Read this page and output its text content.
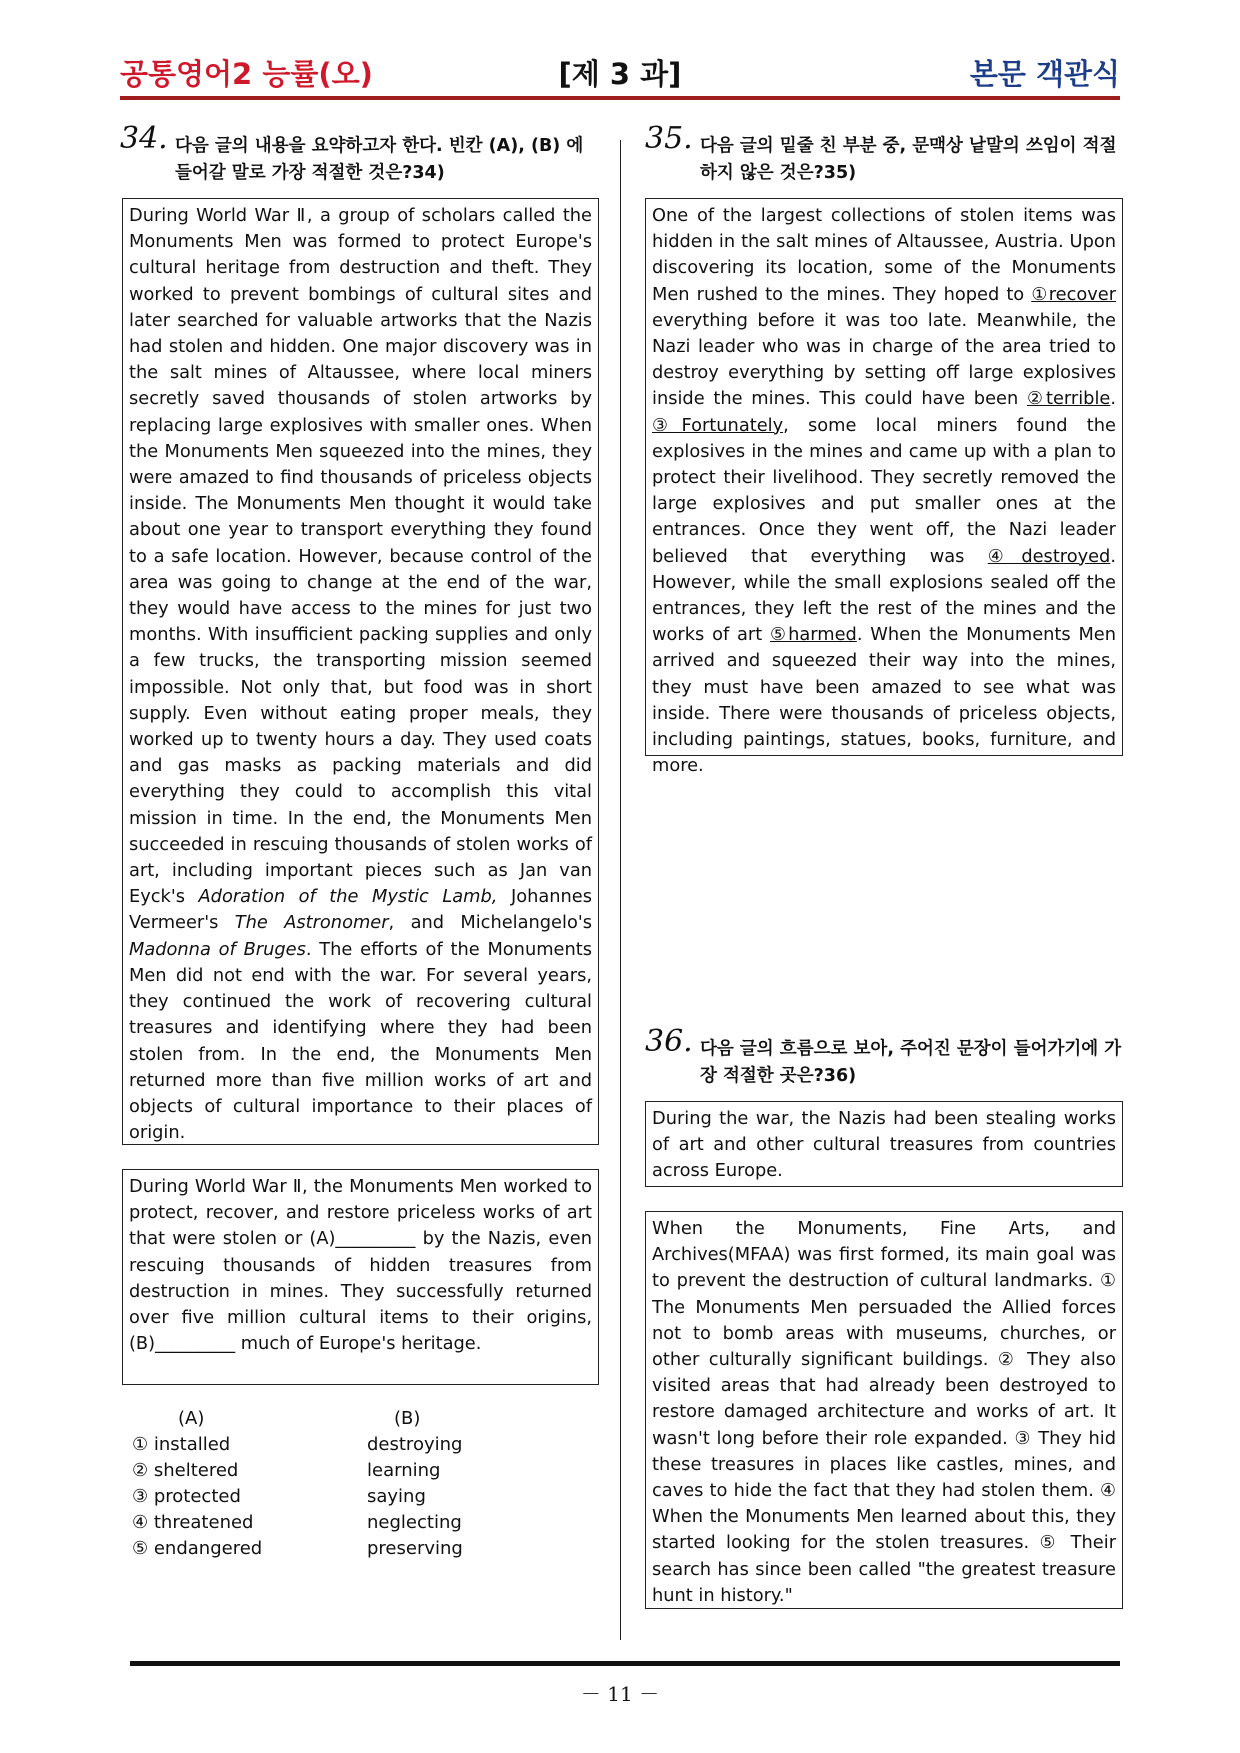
공통영어2 능률(오)	[제 3 과]	본문 객관식
34. 다음 글의 내용을 요약하고자 한다. 빈칸 (A), (B) 에 들어갈 말로 가장 적절한 것은?34)

During World War Ⅱ, a group of scholars called the Monuments Men was formed to protect Europe's cultural heritage from destruction and theft. They worked to prevent bombings of cultural sites and later searched for valuable artworks that the Nazis had stolen and hidden. One major discovery was in the salt mines of Altaussee, where local miners secretly saved thousands of stolen artworks by replacing large explosives with smaller ones. When the Monuments Men squeezed into the mines, they were amazed to find thousands of priceless objects inside. The Monuments Men thought it would take about one year to transport everything they found to a safe location. However, because control of the area was going to change at the end of the war, they would have access to the mines for just two months. With insufficient packing supplies and only a few trucks, the transporting mission seemed impossible. Not only that, but food was in short supply. Even without eating proper meals, they worked up to twenty hours a day. They used coats and gas masks as packing materials and did everything they could to accomplish this vital mission in time. In the end, the Monuments Men succeeded in rescuing thousands of stolen works of art, including important pieces such as Jan van Eyck's Adoration of the Mystic Lamb, Johannes Vermeer's The Astronomer, and Michelangelo's Madonna of Bruges. The efforts of the Monuments Men did not end with the war. For several years, they continued the work of recovering cultural treasures and identifying where they had been stolen from. In the end, the Monuments Men returned more than five million works of art and objects of cultural importance to their places of origin.

During World War Ⅱ, the Monuments Men worked to protect, recover, and restore priceless works of art that were stolen or (A)_________ by the Nazis, even rescuing thousands of hidden treasures from destruction in mines. They successfully returned over five million cultural items to their origins, (B)_________ much of Europe's heritage.

(A)	(B)
① installed	destroying
② sheltered	learning
③ protected	saying
④ threatened	neglecting
⑤ endangered	preserving
35. 다음 글의 밑줄 친 부분 중, 문맥상 낱말의 쓰임이 적절하지 않은 것은?35)

One of the largest collections of stolen items was hidden in the salt mines of Altaussee, Austria. Upon discovering its location, some of the Monuments Men rushed to the mines. They hoped to ①recover everything before it was too late. Meanwhile, the Nazi leader who was in charge of the area tried to destroy everything by setting off large explosives inside the mines. This could have been ②terrible. ③Fortunately, some local miners found the explosives in the mines and came up with a plan to protect their livelihood. They secretly removed the large explosives and put smaller ones at the entrances. Once they went off, the Nazi leader believed that everything was ④destroyed. However, while the small explosions sealed off the entrances, they left the rest of the mines and the works of art ⑤harmed. When the Monuments Men arrived and squeezed their way into the mines, they must have been amazed to see what was inside. There were thousands of priceless objects, including paintings, statues, books, furniture, and more.

36. 다음 글의 흐름으로 보아, 주어진 문장이 들어가기에 가장 적절한 곳은?36)

During the war, the Nazis had been stealing works of art and other cultural treasures from countries across Europe.

When the Monuments, Fine Arts, and Archives(MFAA) was first formed, its main goal was to prevent the destruction of cultural landmarks. ① The Monuments Men persuaded the Allied forces not to bomb areas with museums, churches, or other culturally significant buildings. ② They also visited areas that had already been destroyed to restore damaged architecture and works of art. It wasn't long before their role expanded. ③ They hid these treasures in places like castles, mines, and caves to hide the fact that they had stolen them. ④ When the Monuments Men learned about this, they started looking for the stolen treasures. ⑤ Their search has since been called "the greatest treasure hunt in history."

－ 11 －
